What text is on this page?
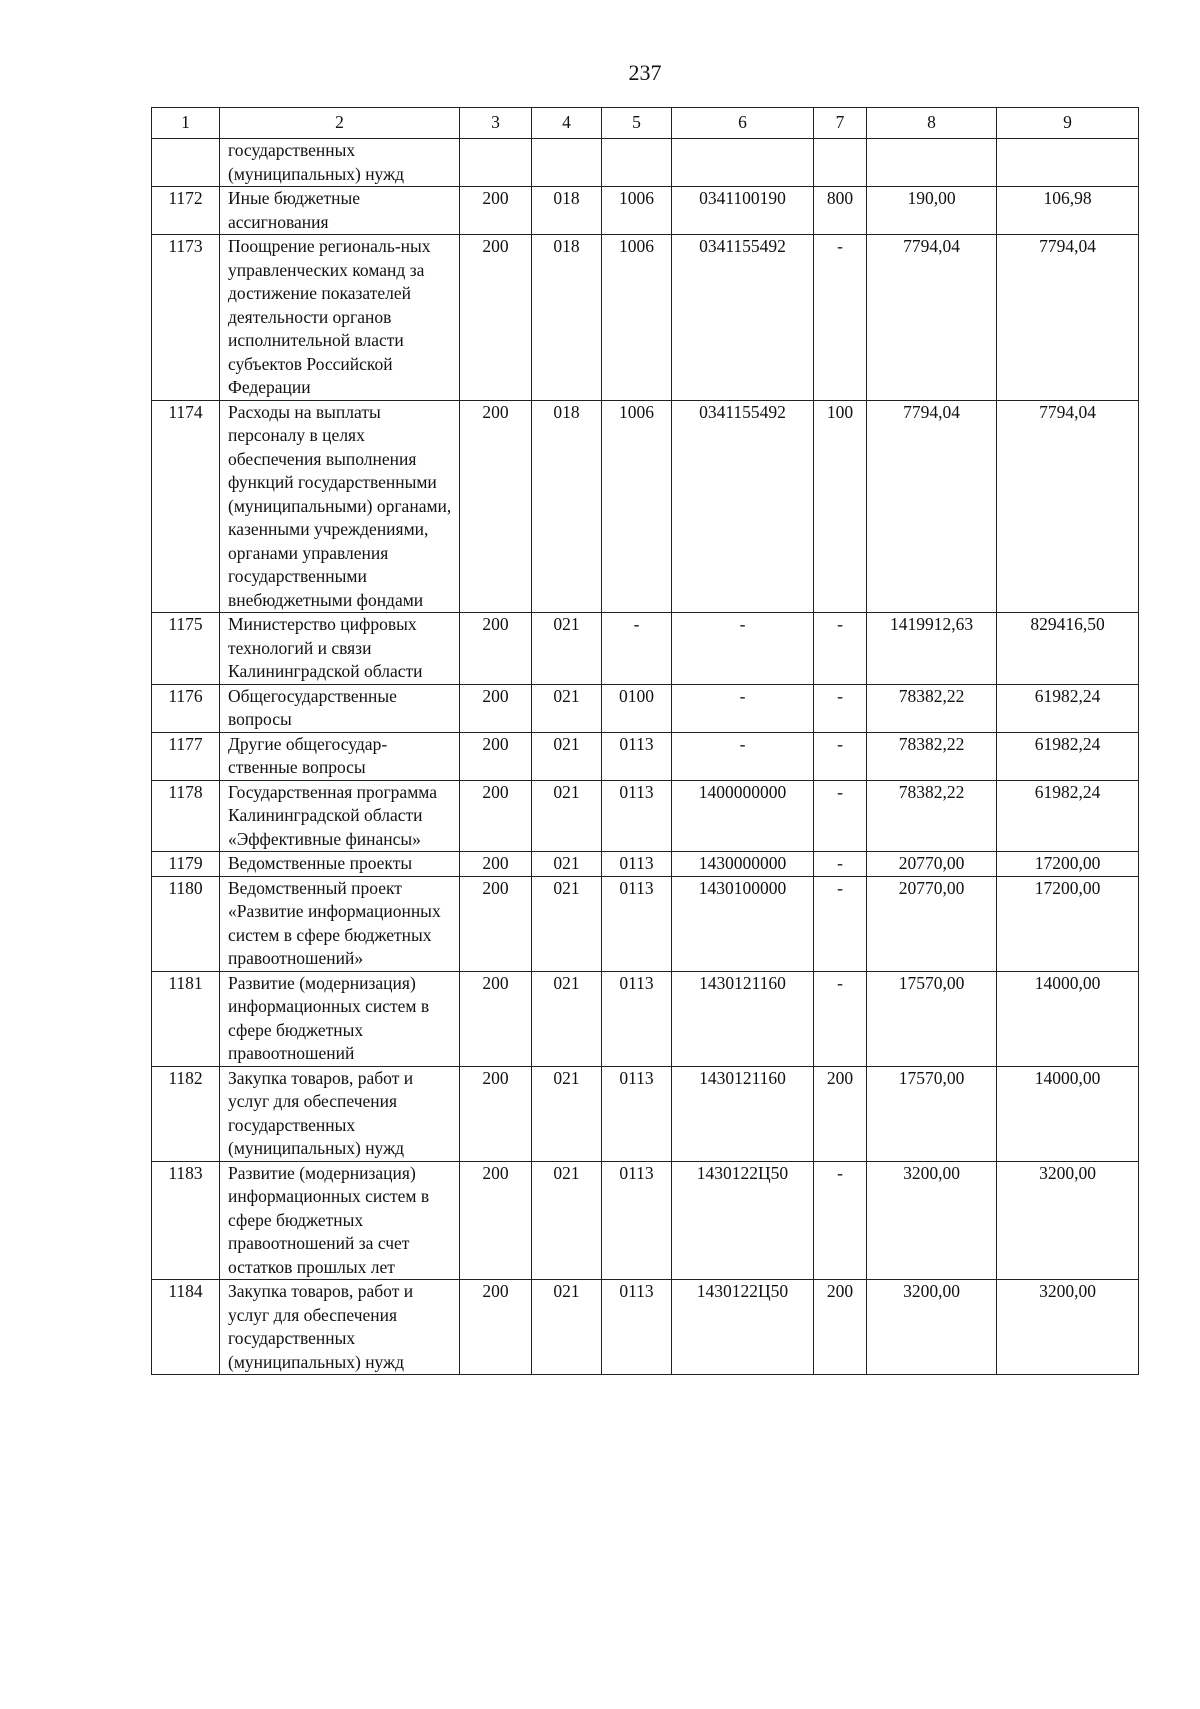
237
1	2	3	4	5	6	7	8	9
	государственных (муниципальных) нужд							
1172	Иные бюджетные ассигнования	200	018	1006	0341100190	800	190,00	106,98
1173	Поощрение региональ-ных управленческих команд за достижение показателей деятельности органов исполнительной власти субъектов Российской Федерации	200	018	1006	0341155492	-	7794,04	7794,04
1174	Расходы на выплаты персоналу в целях обеспечения выполнения функций государственными (муниципальными) органами, казенными учреждениями, органами управления государственными внебюджетными фондами	200	018	1006	0341155492	100	7794,04	7794,04
1175	Министерство цифровых технологий и связи Калининградской области	200	021	-	-	-	1419912,63	829416,50
1176	Общегосударственные вопросы	200	021	0100	-	-	78382,22	61982,24
1177	Другие общегосудар-ственные вопросы	200	021	0113	-	-	78382,22	61982,24
1178	Государственная программа Калининградской области «Эффективные финансы»	200	021	0113	1400000000	-	78382,22	61982,24
1179	Ведомственные проекты	200	021	0113	1430000000	-	20770,00	17200,00
1180	Ведомственный проект «Развитие информационных систем в сфере бюджетных правоотношений»	200	021	0113	1430100000	-	20770,00	17200,00
1181	Развитие (модернизация) информационных систем в сфере бюджетных правоотношений	200	021	0113	1430121160	-	17570,00	14000,00
1182	Закупка товаров, работ и услуг для обеспечения государственных (муниципальных) нужд	200	021	0113	1430121160	200	17570,00	14000,00
1183	Развитие (модернизация) информационных систем в сфере бюджетных правоотношений за счет остатков прошлых лет	200	021	0113	1430122Ц50	-	3200,00	3200,00
1184	Закупка товаров, работ и услуг для обеспечения государственных (муниципальных) нужд	200	021	0113	1430122Ц50	200	3200,00	3200,00
